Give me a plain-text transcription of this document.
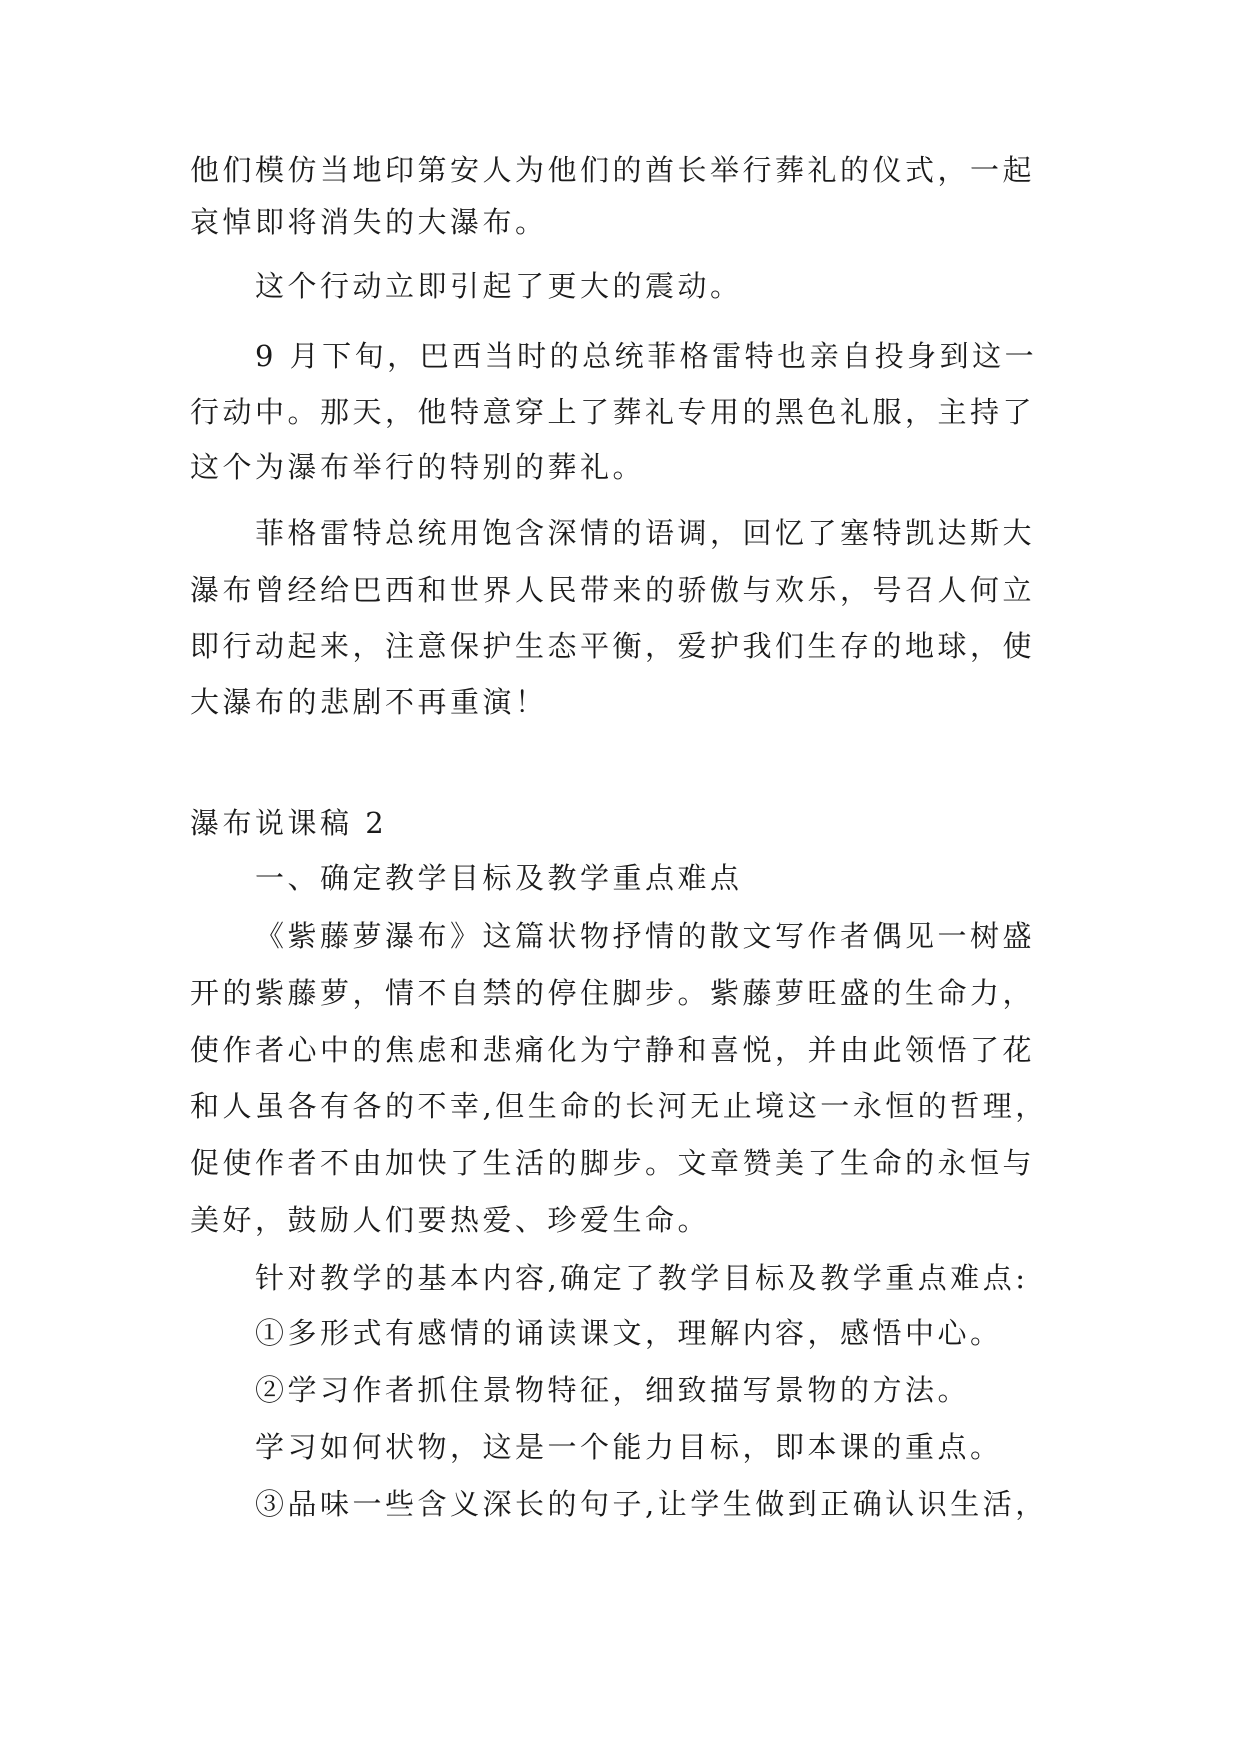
他们模仿当地印第安人为他们的酋长举行葬礼的仪式，一起
哀悼即将消失的大瀑布。
这个行动立即引起了更大的震动。
9 月下旬，巴西当时的总统菲格雷特也亲自投身到这一
行动中。那天，他特意穿上了葬礼专用的黑色礼服，主持了
这个为瀑布举行的特别的葬礼。
菲格雷特总统用饱含深情的语调，回忆了塞特凯达斯大
瀑布曾经给巴西和世界人民带来的骄傲与欢乐，号召人何立
即行动起来，注意保护生态平衡，爱护我们生存的地球，使
大瀑布的悲剧不再重演！
瀑布说课稿 2
一、确定教学目标及教学重点难点
《紫藤萝瀑布》这篇状物抒情的散文写作者偶见一树盛
开的紫藤萝，情不自禁的停住脚步。紫藤萝旺盛的生命力，
使作者心中的焦虑和悲痛化为宁静和喜悦，并由此领悟了花
和人虽各有各的不幸,但生命的长河无止境这一永恒的哲理，
促使作者不由加快了生活的脚步。文章赞美了生命的永恒与
美好，鼓励人们要热爱、珍爱生命。
针对教学的基本内容,确定了教学目标及教学重点难点:
①多形式有感情的诵读课文，理解内容，感悟中心。
②学习作者抓住景物特征，细致描写景物的方法。
学习如何状物，这是一个能力目标，即本课的重点。
③品味一些含义深长的句子,让学生做到正确认识生活，
